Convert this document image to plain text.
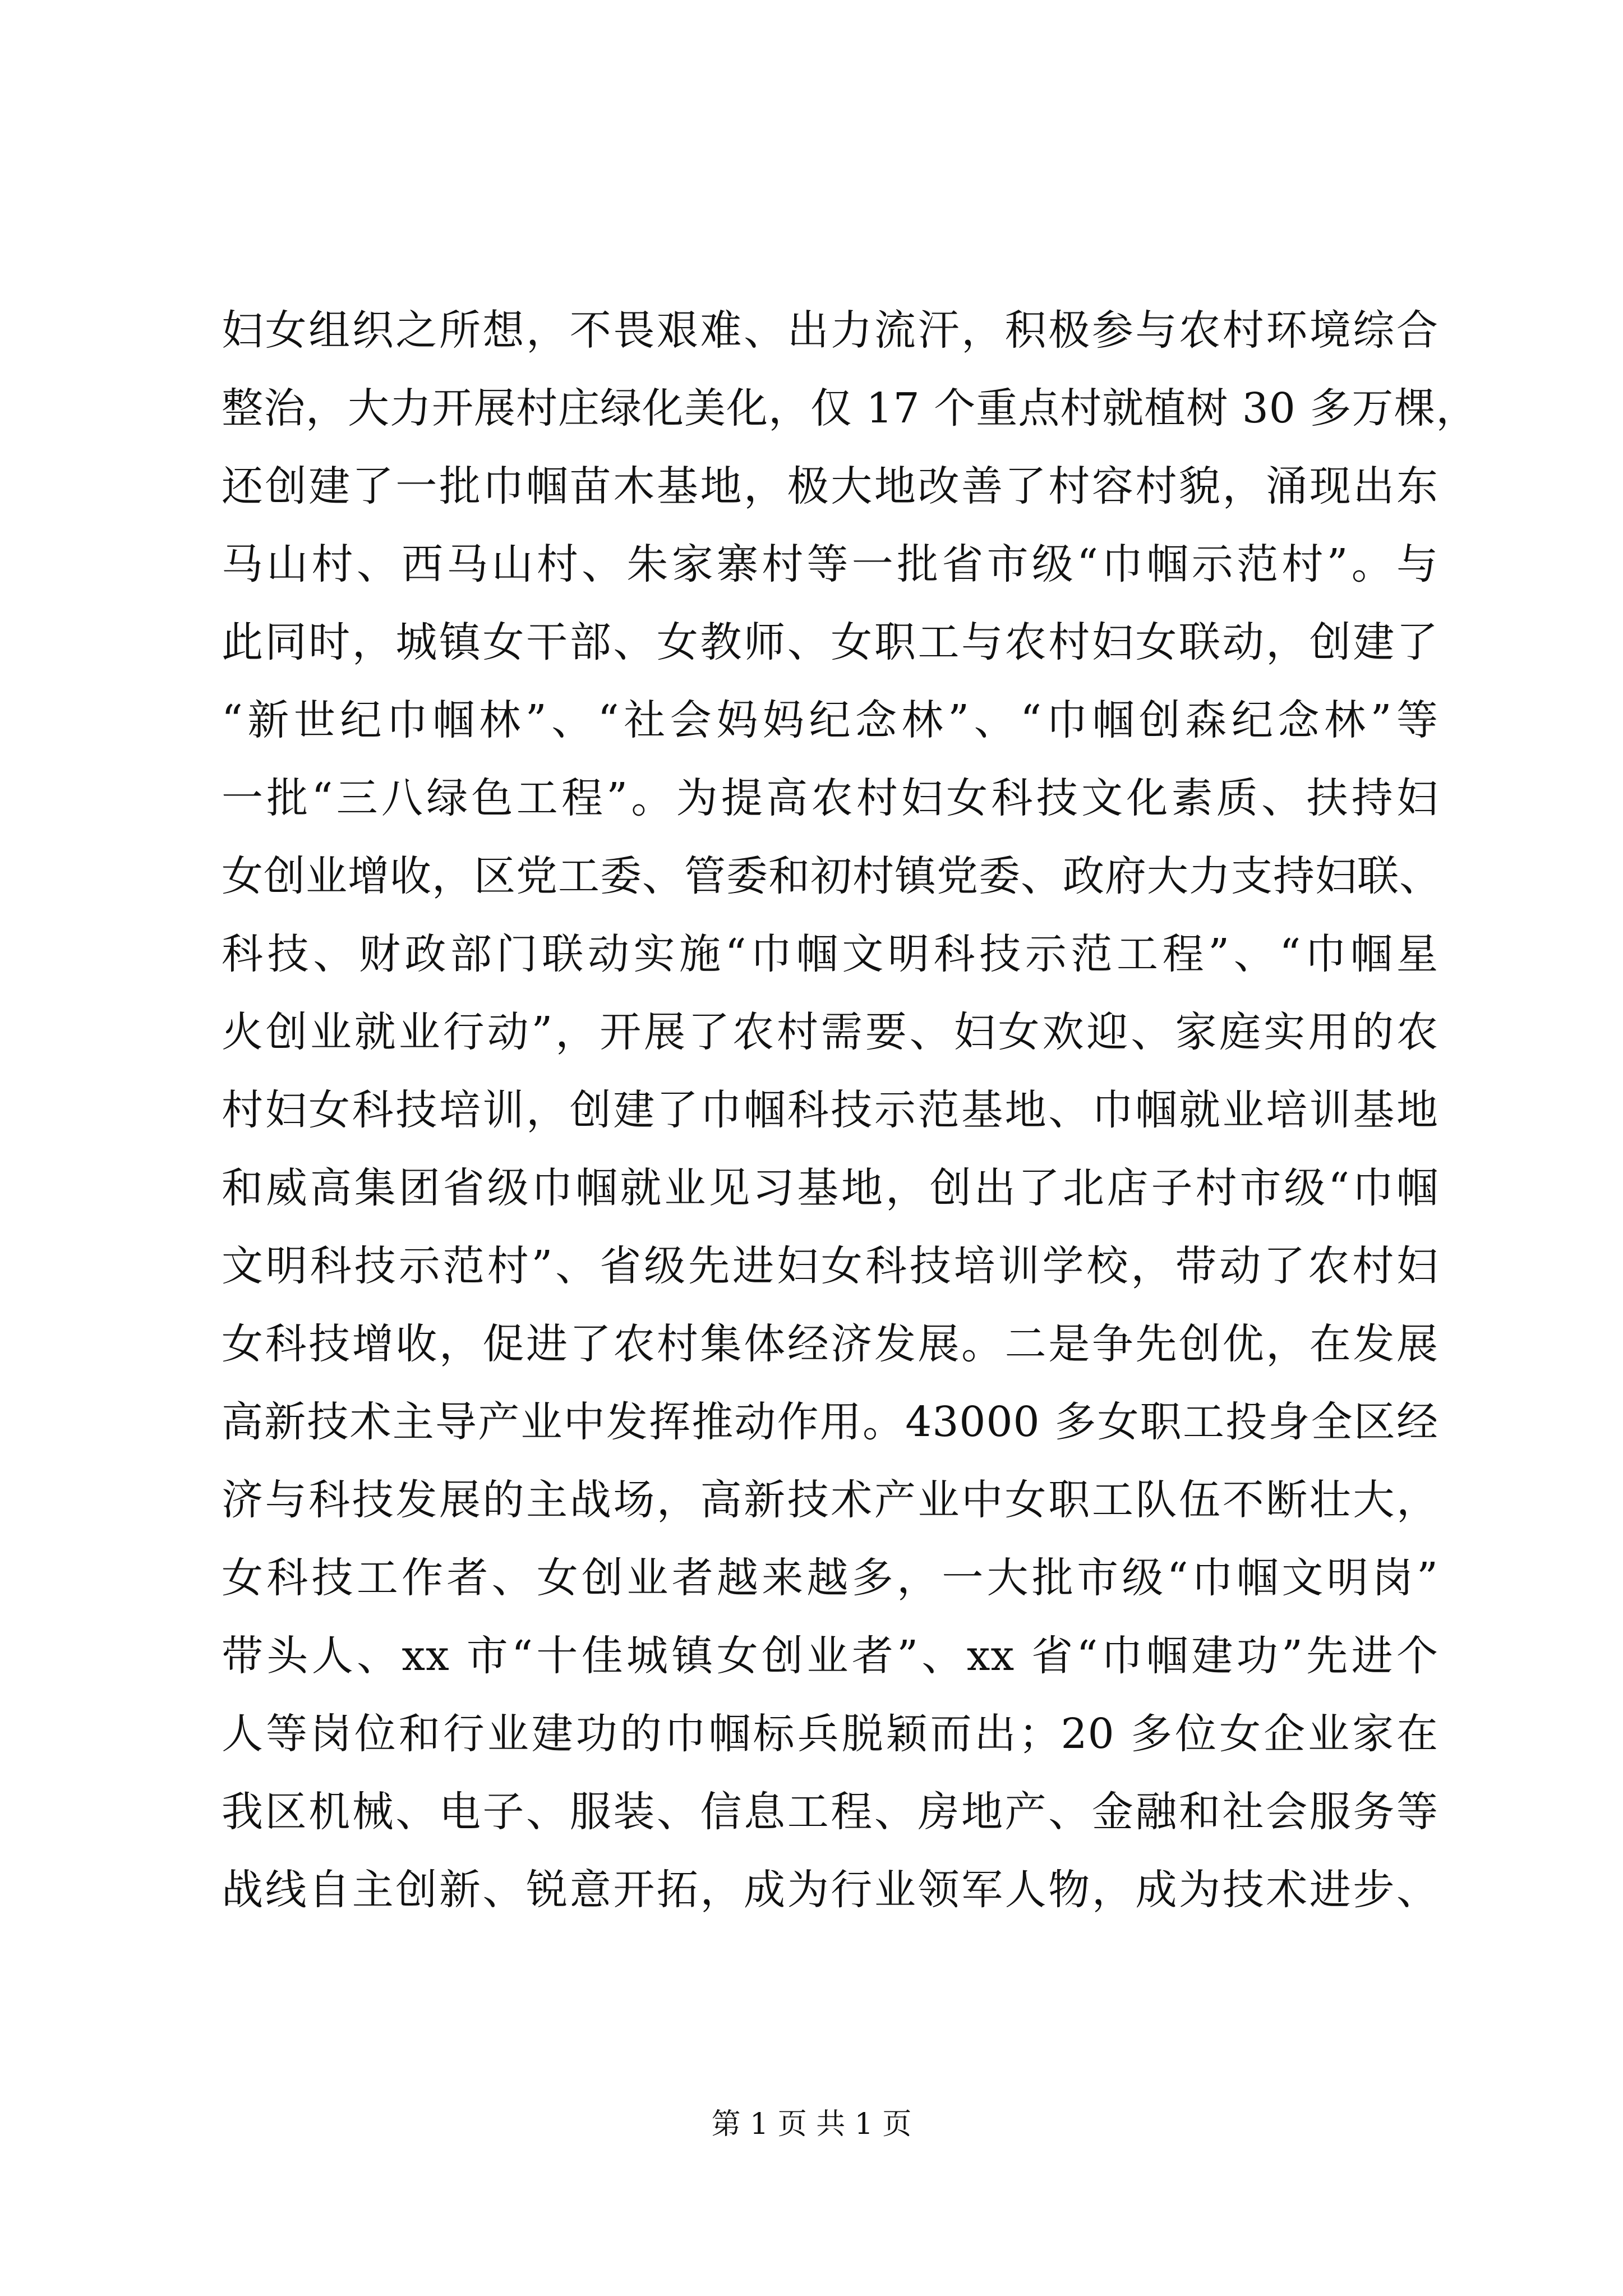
妇女组织之所想，不畏艰难、出力流汗，积极参与农村环境综合
整治，大力开展村庄绿化美化，仅 17 个重点村就植树 30 多万棵，
还创建了一批巾帼苗木基地，极大地改善了村容村貌，涌现出东
马山村、西马山村、朱家寨村等一批省市级“巾帼示范村”。与
此同时，城镇女干部、女教师、女职工与农村妇女联动，创建了
“新世纪巾帼林”、“社会妈妈纪念林”、“巾帼创森纪念林”等
一批“三八绿色工程”。为提高农村妇女科技文化素质、扶持妇
女创业增收，区党工委、管委和初村镇党委、政府大力支持妇联、
科技、财政部门联动实施“巾帼文明科技示范工程”、“巾帼星
火创业就业行动”，开展了农村需要、妇女欢迎、家庭实用的农
村妇女科技培训，创建了巾帼科技示范基地、巾帼就业培训基地
和威高集团省级巾帼就业见习基地，创出了北店子村市级“巾帼
文明科技示范村”、省级先进妇女科技培训学校，带动了农村妇
女科技增收，促进了农村集体经济发展。二是争先创优，在发展
高新技术主导产业中发挥推动作用。43000 多女职工投身全区经
济与科技发展的主战场，高新技术产业中女职工队伍不断壮大，
女科技工作者、女创业者越来越多，一大批市级“巾帼文明岗”
带头人、xx 市“十佳城镇女创业者”、xx 省“巾帼建功”先进个
人等岗位和行业建功的巾帼标兵脱颖而出；20 多位女企业家在
我区机械、电子、服装、信息工程、房地产、金融和社会服务等
战线自主创新、锐意开拓，成为行业领军人物，成为技术进步、
第 1 页 共 1 页
